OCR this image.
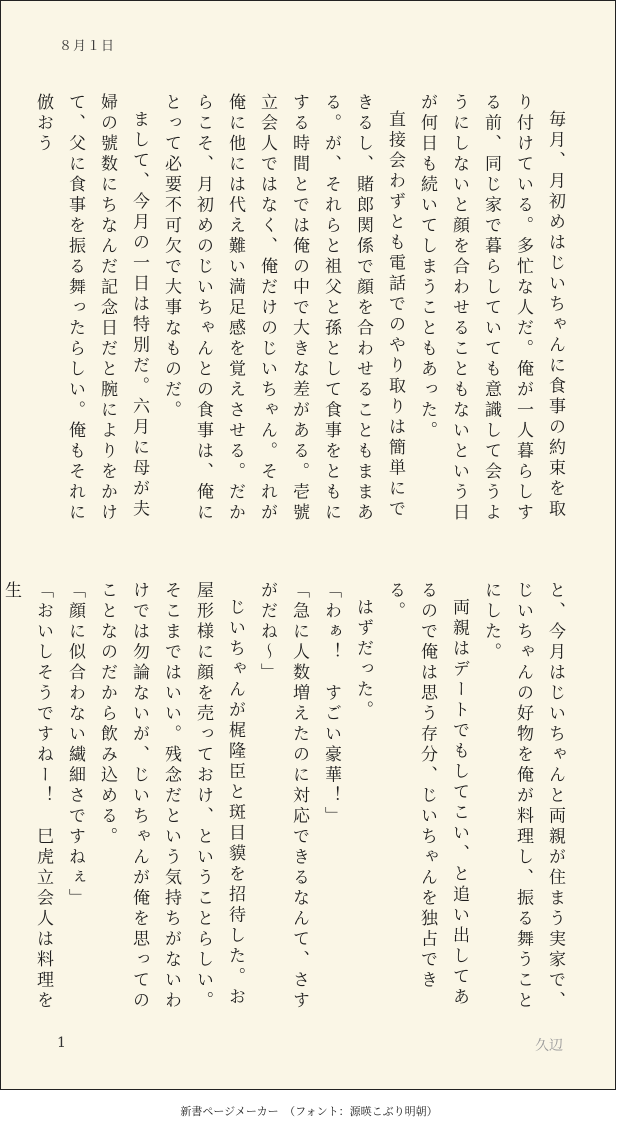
８月１日

毎月、月初めはじいちゃんに食事の約束を取り付けている。多忙な人だ。俺が一人暮らしする前、同じ家で暮らしていても意識して会うようにしないと顔を合わせることもないという日が何日も続いてしまうこともあった。

直接会わずとも電話でのやり取りは簡単にできるし、賭郎関係で顔を合わせることもままある。が、それらと祖父と孫として食事をともにする時間とでは俺の中で大きな差がある。壱號立会人ではなく、俺だけのじいちゃん。それが俺に他には代え難い満足感を覚えさせる。だからこそ、月初めのじいちゃんとの食事は、俺にとって必要不可欠で大事なものだ。

まして、今月の一日は特別だ。六月に母が夫婦の號数にちなんだ記念日だと腕によりをかけて、父に食事を振る舞ったらしい。俺もそれに倣おう

と、今月はじいちゃんと両親が住まう実家で、じいちゃんの好物を俺が料理し、振る舞うことにした。

両親はデートでもしてこい、と追い出してあるので俺は思う存分、じいちゃんを独占できる。

はずだった。

「わぁ！　すごい豪華！」

「急に人数増えたのに対応できるなんて、さすがだね〜」

じいちゃんが梶隆臣と斑目貘を招待した。お屋形様に顔を売っておけ、ということらしい。そこまではいい。残念だという気持ちがないわけでは勿論ないが、じいちゃんが俺を思ってのことなのだから飲み込める。

「顔に似合わない繊細さですねぇ」

「おいしそうですねー！　巳虎立会人は料理を生

1	久辺
新書ページメーカー　（フォント：源暎こぶり明朝）
